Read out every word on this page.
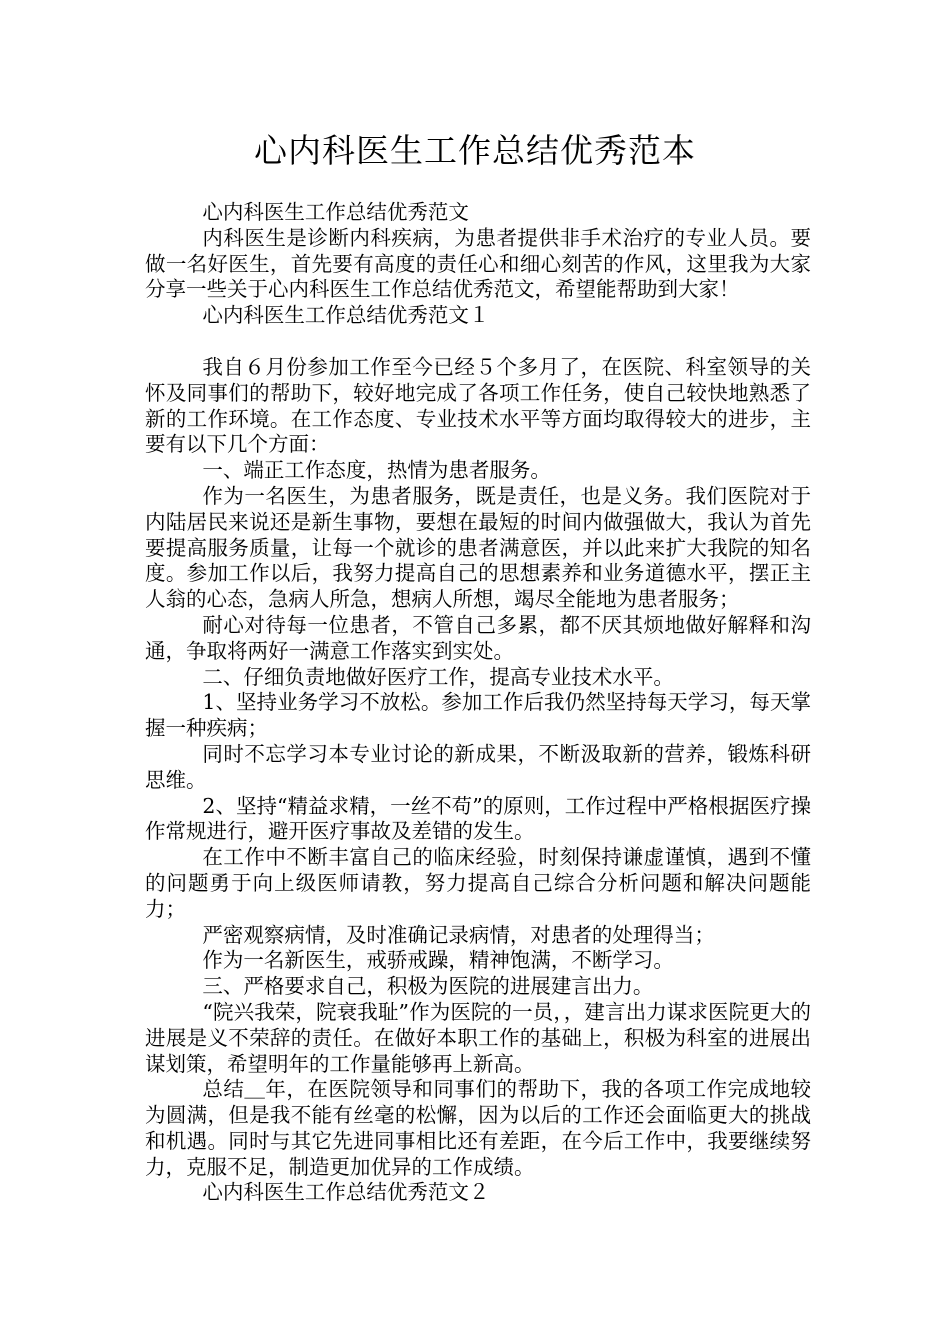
心内科医生工作总结优秀范本

心内科医生工作总结优秀范文

内科医生是诊断内科疾病，为患者提供非手术治疗的专业人员。要做一名好医生，首先要有高度的责任心和细心刻苦的作风，这里我为大家分享一些关于心内科医生工作总结优秀范文，希望能帮助到大家！

心内科医生工作总结优秀范文１

我自６月份参加工作至今已经５个多月了，在医院、科室领导的关怀及同事们的帮助下，较好地完成了各项工作任务，使自己较快地熟悉了新的工作环境。在工作态度、专业技术水平等方面均取得较大的进步，主要有以下几个方面：

一、端正工作态度，热情为患者服务。

作为一名医生，为患者服务，既是责任，也是义务。我们医院对于内陆居民来说还是新生事物，要想在最短的时间内做强做大，我认为首先要提高服务质量，让每一个就诊的患者满意医，并以此来扩大我院的知名度。参加工作以后，我努力提高自己的思想素养和业务道德水平，摆正主人翁的心态，急病人所急，想病人所想，竭尽全能地为患者服务；

耐心对待每一位患者，不管自己多累，都不厌其烦地做好解释和沟通，争取将两好一满意工作落实到实处。

二、仔细负责地做好医疗工作，提高专业技术水平。

1、坚持业务学习不放松。参加工作后我仍然坚持每天学习，每天掌握一种疾病；

同时不忘学习本专业讨论的新成果，不断汲取新的营养，锻炼科研思维。

2、坚持“精益求精，一丝不苟”的原则，工作过程中严格根据医疗操作常规进行，避开医疗事故及差错的发生。

在工作中不断丰富自己的临床经验，时刻保持谦虚谨慎，遇到不懂的问题勇于向上级医师请教，努力提高自己综合分析问题和解决问题能力；

严密观察病情，及时准确记录病情，对患者的处理得当；

作为一名新医生，戒骄戒躁，精神饱满，不断学习。

三、严格要求自己，积极为医院的进展建言出力。

“院兴我荣，院衰我耻”作为医院的一员，，建言出力谋求医院更大的进展是义不荣辞的责任。在做好本职工作的基础上，积极为科室的进展出谋划策，希望明年的工作量能够再上新高。

总结＿年，在医院领导和同事们的帮助下，我的各项工作完成地较为圆满，但是我不能有丝毫的松懈，因为以后的工作还会面临更大的挑战和机遇。同时与其它先进同事相比还有差距，在今后工作中，我要继续努力，克服不足，制造更加优异的工作成绩。

心内科医生工作总结优秀范文２
